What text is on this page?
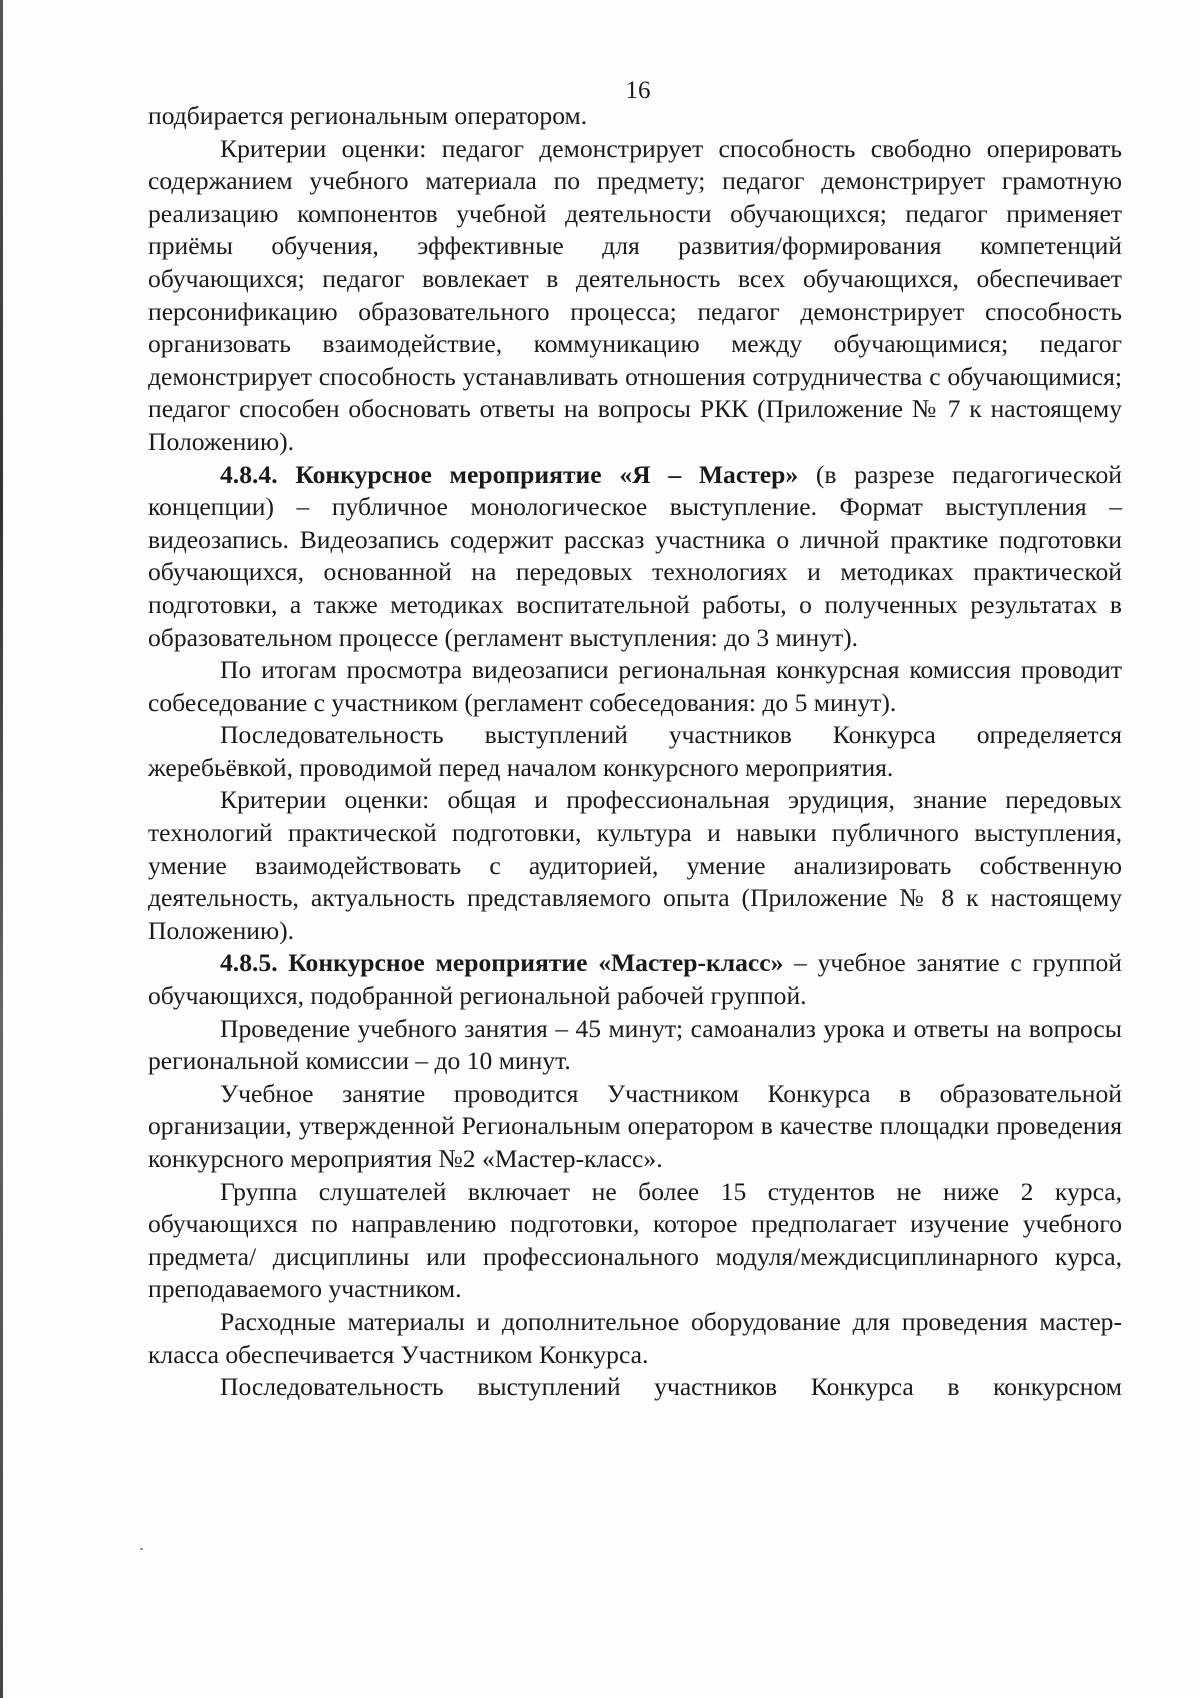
16

подбирается региональным оператором.

Критерии оценки: педагог демонстрирует способность свободно оперировать содержанием учебного материала по предмету; педагог демонстрирует грамотную реализацию компонентов учебной деятельности обучающихся; педагог применяет приёмы обучения, эффективные для развития/формирования компетенций обучающихся; педагог вовлекает в деятельность всех обучающихся, обеспечивает персонификацию образовательного процесса; педагог демонстрирует способность организовать взаимодействие, коммуникацию между обучающимися; педагог демонстрирует способность устанавливать отношения сотрудничества с обучающимися; педагог способен обосновать ответы на вопросы РКК (Приложение № 7 к настоящему Положению).

4.8.4. Конкурсное мероприятие «Я – Мастер» (в разрезе педагогической концепции) – публичное монологическое выступление. Формат выступления – видеозапись. Видеозапись содержит рассказ участника о личной практике подготовки обучающихся, основанной на передовых технологиях и методиках практической подготовки, а также методиках воспитательной работы, о полученных результатах в образовательном процессе (регламент выступления: до 3 минут).

По итогам просмотра видеозаписи региональная конкурсная комиссия проводит собеседование с участником (регламент собеседования: до 5 минут).

Последовательность выступлений участников Конкурса определяется жеребьёвкой, проводимой перед началом конкурсного мероприятия.

Критерии оценки: общая и профессиональная эрудиция, знание передовых технологий практической подготовки, культура и навыки публичного выступления, умение взаимодействовать с аудиторией, умение анализировать собственную деятельность, актуальность представляемого опыта (Приложение № 8 к настоящему Положению).

4.8.5. Конкурсное мероприятие «Мастер-класс» – учебное занятие с группой обучающихся, подобранной региональной рабочей группой.

Проведение учебного занятия – 45 минут; самоанализ урока и ответы на вопросы региональной комиссии – до 10 минут.

Учебное занятие проводится Участником Конкурса в образовательной организации, утвержденной Региональным оператором в качестве площадки проведения конкурсного мероприятия №2 «Мастер-класс».

Группа слушателей включает не более 15 студентов не ниже 2 курса, обучающихся по направлению подготовки, которое предполагает изучение учебного предмета/ дисциплины или профессионального модуля/междисциплинарного курса, преподаваемого участником.

Расходные материалы и дополнительное оборудование для проведения мастер-класса обеспечивается Участником Конкурса.

Последовательность выступлений участников Конкурса в конкурсном
